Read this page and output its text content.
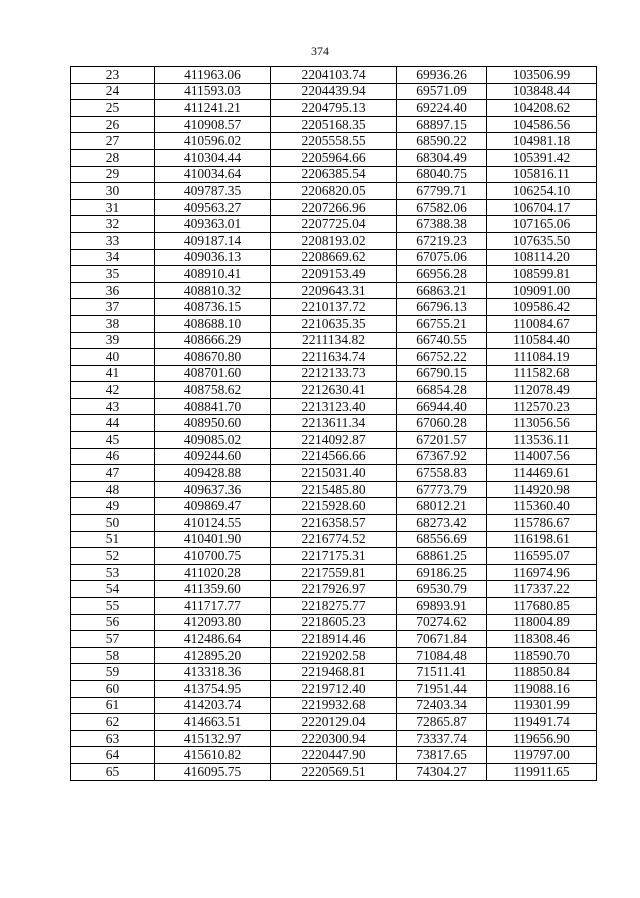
374
23	411963.06	2204103.74	69936.26	103506.99
24	411593.03	2204439.94	69571.09	103848.44
25	411241.21	2204795.13	69224.40	104208.62
26	410908.57	2205168.35	68897.15	104586.56
27	410596.02	2205558.55	68590.22	104981.18
28	410304.44	2205964.66	68304.49	105391.42
29	410034.64	2206385.54	68040.75	105816.11
30	409787.35	2206820.05	67799.71	106254.10
31	409563.27	2207266.96	67582.06	106704.17
32	409363.01	2207725.04	67388.38	107165.06
33	409187.14	2208193.02	67219.23	107635.50
34	409036.13	2208669.62	67075.06	108114.20
35	408910.41	2209153.49	66956.28	108599.81
36	408810.32	2209643.31	66863.21	109091.00
37	408736.15	2210137.72	66796.13	109586.42
38	408688.10	2210635.35	66755.21	110084.67
39	408666.29	2211134.82	66740.55	110584.40
40	408670.80	2211634.74	66752.22	111084.19
41	408701.60	2212133.73	66790.15	111582.68
42	408758.62	2212630.41	66854.28	112078.49
43	408841.70	2213123.40	66944.40	112570.23
44	408950.60	2213611.34	67060.28	113056.56
45	409085.02	2214092.87	67201.57	113536.11
46	409244.60	2214566.66	67367.92	114007.56
47	409428.88	2215031.40	67558.83	114469.61
48	409637.36	2215485.80	67773.79	114920.98
49	409869.47	2215928.60	68012.21	115360.40
50	410124.55	2216358.57	68273.42	115786.67
51	410401.90	2216774.52	68556.69	116198.61
52	410700.75	2217175.31	68861.25	116595.07
53	411020.28	2217559.81	69186.25	116974.96
54	411359.60	2217926.97	69530.79	117337.22
55	411717.77	2218275.77	69893.91	117680.85
56	412093.80	2218605.23	70274.62	118004.89
57	412486.64	2218914.46	70671.84	118308.46
58	412895.20	2219202.58	71084.48	118590.70
59	413318.36	2219468.81	71511.41	118850.84
60	413754.95	2219712.40	71951.44	119088.16
61	414203.74	2219932.68	72403.34	119301.99
62	414663.51	2220129.04	72865.87	119491.74
63	415132.97	2220300.94	73337.74	119656.90
64	415610.82	2220447.90	73817.65	119797.00
65	416095.75	2220569.51	74304.27	119911.65
